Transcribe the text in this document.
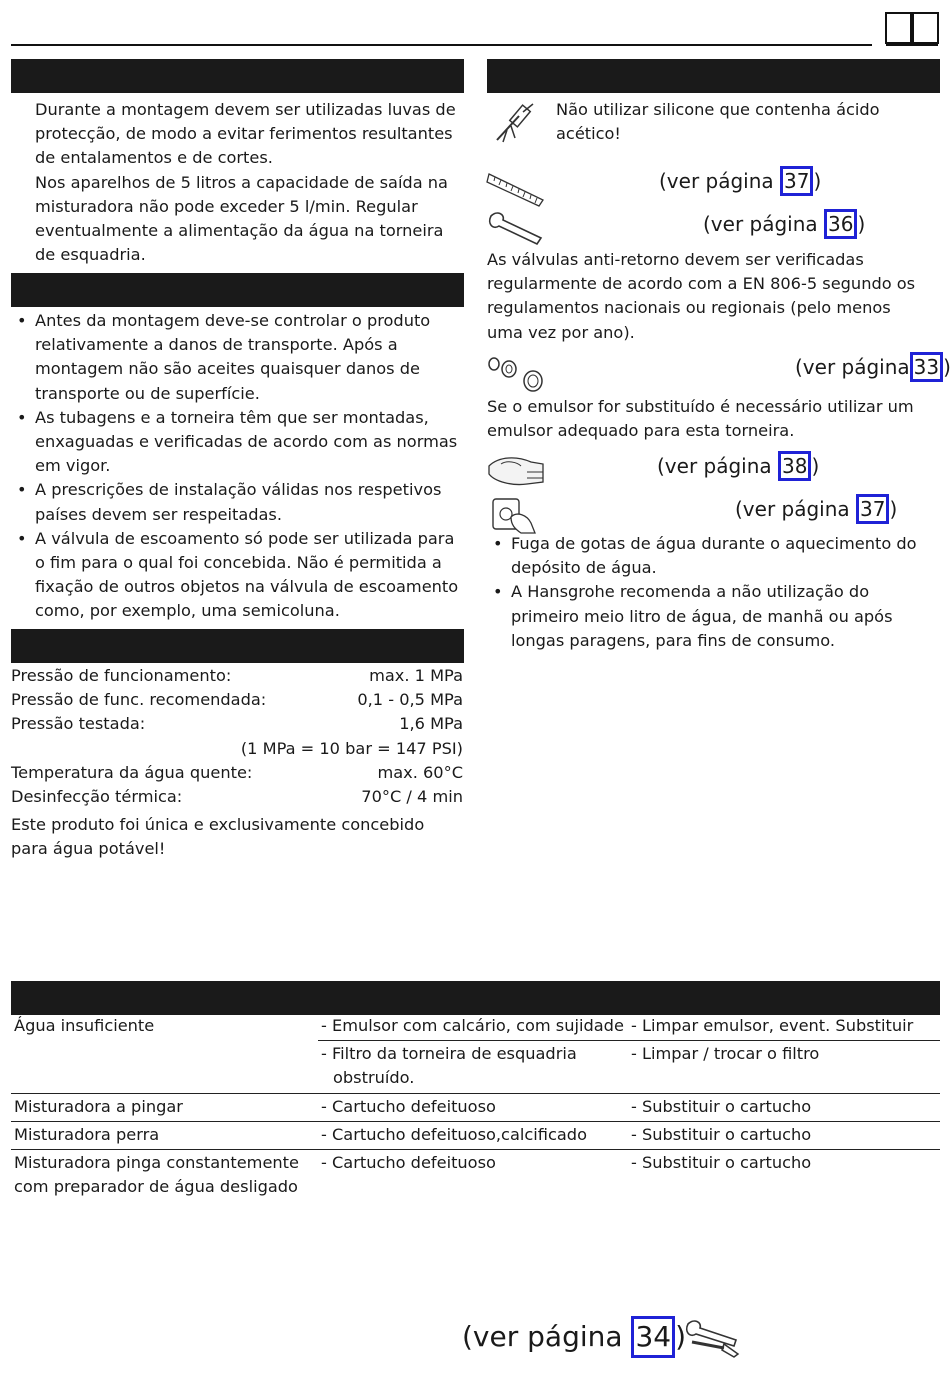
Durante a montagem devem ser utilizadas luvas de protecção, de modo a evitar ferimentos resultantes de entalamentos e de cortes.

Nos aparelhos de 5 litros a capacidade de saída na misturadora não pode exceder 5 l/min. Regular eventualmente a alimentação da água na torneira de esquadria.

• Antes da montagem deve-se controlar o produto relativamente a danos de transporte. Após a montagem não são aceites quaisquer danos de transporte ou de superfície.
• As tubagens e a torneira têm que ser montadas, enxaguadas e verificadas de acordo com as normas em vigor.
• A prescrições de instalação válidas nos respetivos países devem ser respeitadas.
• A válvula de escoamento só pode ser utilizada para o fim para o qual foi concebida. Não é permitida a fixação de outros objetos na válvula de escoamento como, por exemplo, uma semicoluna.
Pressão de funcionamento:	max. 1 MPa
Pressão de func. recomendada:	0,1 - 0,5 MPa
Pressão testada:	1,6 MPa
(1 MPa = 10 bar = 147 PSI)
Temperatura da água quente:	max. 60°C
Desinfecção térmica:	70°C / 4 min
Este produto foi única e exclusivamente concebido para água potável!
Não utilizar silicone que contenha ácido acético!
(ver página 37 )
(ver página 36 )
As válvulas anti-retorno devem ser verificadas regularmente de acordo com a EN 806-5 segundo os regulamentos nacionais ou regionais (pelo menos uma vez por ano).
(ver página 33 )
Se o emulsor for substituído é necessário utilizar um emulsor adequado para esta torneira.
(ver página 38 )
(ver página 37 )
• Fuga de gotas de água durante o aquecimento do depósito de água.
• A Hansgrohe recomenda a não utilização do primeiro meio litro de água, de manhã ou após longas paragens, para fins de consumo.
Água insuficiente	- Emulsor com calcário, com sujidade	- Limpar emulsor, event. Substituir
	- Filtro da torneira de esquadria obstruído.	- Limpar / trocar o filtro
Misturadora a pingar	- Cartucho defeituoso	- Substituir o cartucho
Misturadora perra	- Cartucho defeituoso,calcificado	- Substituir o cartucho
Misturadora pinga constantemente com preparador de água desligado	- Cartucho defeituoso	- Substituir o cartucho
(ver página 34 )
